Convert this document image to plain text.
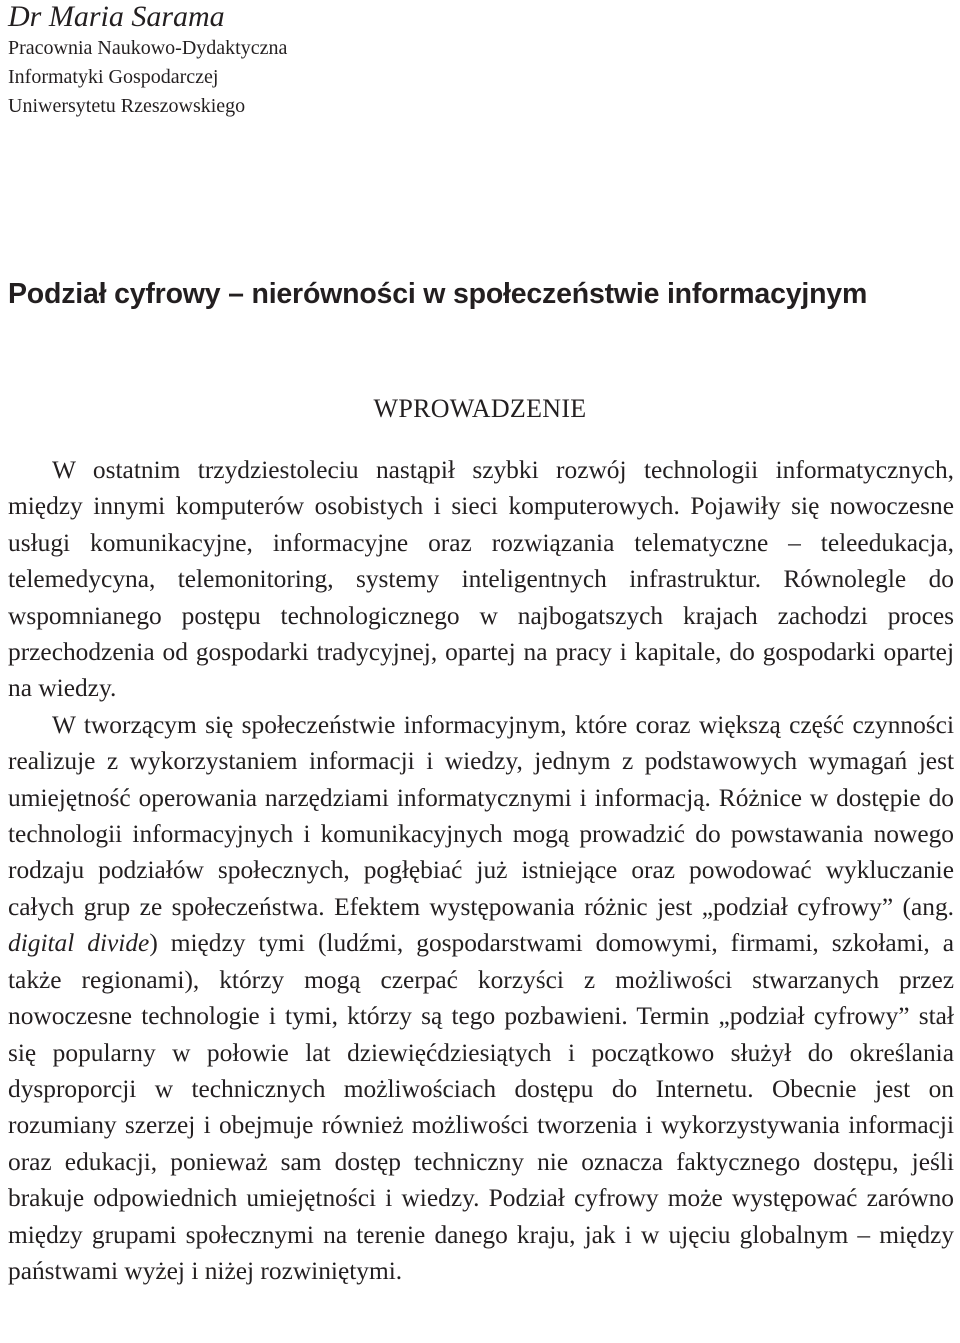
Dr Maria Sarama

Pracownia Naukowo-Dydaktyczna

Informatyki Gospodarczej

Uniwersytetu Rzeszowskiego

Podział cyfrowy – nierówności w społeczeństwie informacyjnym
WPROWADZENIE

W ostatnim trzydziestoleciu nastąpił szybki rozwój technologii informatycznych, między innymi komputerów osobistych i sieci komputerowych. Pojawiły się nowoczesne usługi komunikacyjne, informacyjne oraz rozwiązania telematyczne – teleedukacja, telemedycyna, telemonitoring, systemy inteligentnych infrastruktur. Równolegle do wspomnianego postępu technologicznego w najbogatszych krajach zachodzi proces przechodzenia od gospodarki tradycyjnej, opartej na pracy i kapitale, do gospodarki opartej na wiedzy.

W tworzącym się społeczeństwie informacyjnym, które coraz większą część czynności realizuje z wykorzystaniem informacji i wiedzy, jednym z podstawowych wymagań jest umiejętność operowania narzędziami informatycznymi i informacją. Różnice w dostępie do technologii informacyjnych i komunikacyjnych mogą prowadzić do powstawania nowego rodzaju podziałów społecznych, pogłębiać już istniejące oraz powodować wykluczanie całych grup ze społeczeństwa. Efektem występowania różnic jest „podział cyfrowy” (ang. digital divide) między tymi (ludźmi, gospodarstwami domowymi, firmami, szkołami, a także regionami), którzy mogą czerpać korzyści z możliwości stwarzanych przez nowoczesne technologie i tymi, którzy są tego pozbawieni. Termin „podział cyfrowy” stał się popularny w połowie lat dziewięćdziesiątych i początkowo służył do określania dysproporcji w technicznych możliwościach dostępu do Internetu. Obecnie jest on rozumiany szerzej i obejmuje również możliwości tworzenia i wykorzystywania informacji oraz edukacji, ponieważ sam dostęp techniczny nie oznacza faktycznego dostępu, jeśli brakuje odpowiednich umiejętności i wiedzy. Podział cyfrowy może występować zarówno między grupami społecznymi na terenie danego kraju, jak i w ujęciu globalnym – między państwami wyżej i niżej rozwiniętymi.
